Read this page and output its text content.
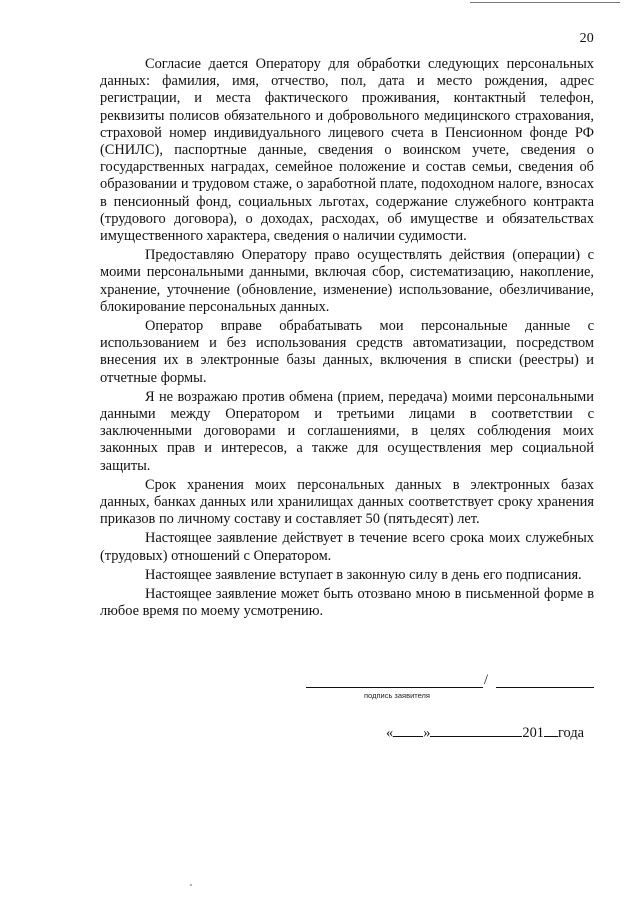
20

Согласие дается Оператору для обработки следующих персональных данных: фамилия, имя, отчество, пол, дата и место рождения, адрес регистрации, и места фактического проживания, контактный телефон, реквизиты полисов обязательного и добровольного медицинского страхования, страховой номер индивидуального лицевого счета в Пенсионном фонде РФ (СНИЛС), паспортные данные, сведения о воинском учете, сведения о государственных наградах, семейное положение и состав семьи, сведения об образовании и трудовом стаже, о заработной плате, подоходном налоге, взносах в пенсионный фонд, социальных льготах, содержание служебного контракта (трудового договора), о доходах, расходах, об имуществе и обязательствах имущественного характера, сведения о наличии судимости.

Предоставляю Оператору право осуществлять действия (операции) с моими персональными данными, включая сбор, систематизацию, накопление, хранение, уточнение (обновление, изменение) использование, обезличивание, блокирование персональных данных.

Оператор вправе обрабатывать мои персональные данные с использованием и без использования средств автоматизации, посредством внесения их в электронные базы данных, включения в списки (реестры) и отчетные формы.

Я не возражаю против обмена (прием, передача) моими персональными данными между Оператором и третьими лицами в соответствии с заключенными договорами и соглашениями, в целях соблюдения моих законных прав и интересов, а также для осуществления мер социальной защиты.

Срок хранения моих персональных данных в электронных базах данных, банках данных или хранилищах данных соответствует сроку хранения приказов по личному составу и составляет 50 (пятьдесят) лет.

Настоящее заявление действует в течение всего срока моих служебных (трудовых) отношений с Оператором.

Настоящее заявление вступает в законную силу в день его подписания.

Настоящее заявление может быть отозвано мною в письменной форме в любое время по моему усмотрению.

/
подпись заявителя
« »	201 года
